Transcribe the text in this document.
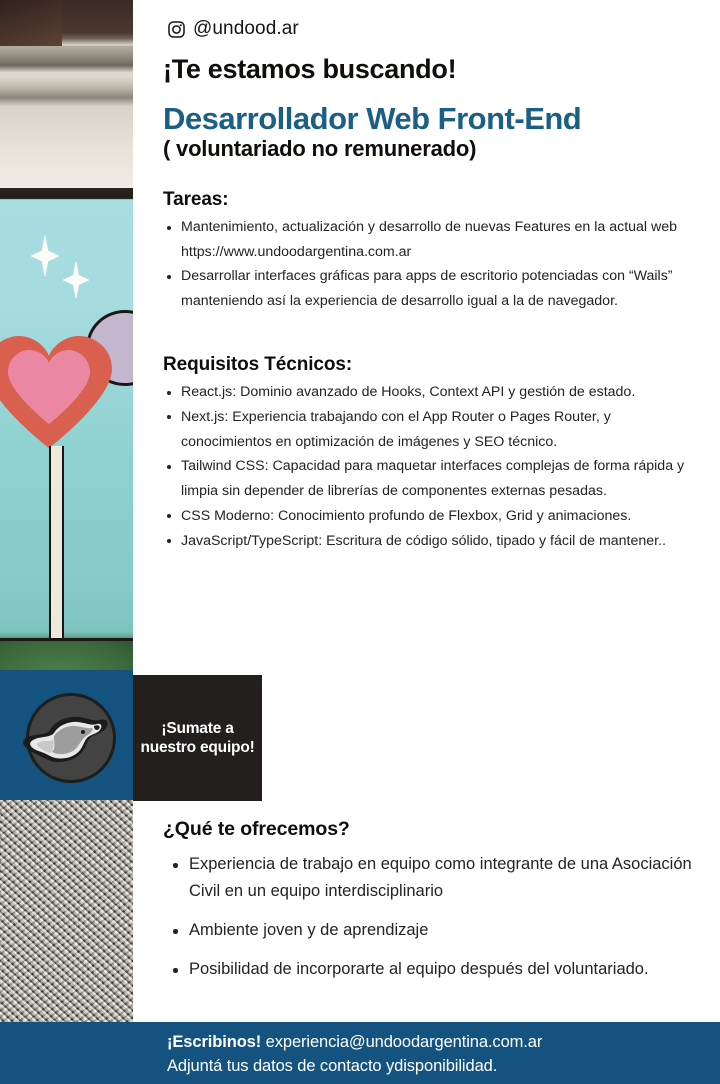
@undood.ar
¡Te estamos buscando!
Desarrollador Web Front-End
( voluntariado no remunerado)
Tareas:
Mantenimiento, actualización y desarrollo de nuevas Features en la actual web https://www.undoodargentina.com.ar
Desarrollar interfaces gráficas para apps de escritorio potenciadas con “Wails” manteniendo así la experiencia de desarrollo igual a la de navegador.
Requisitos Técnicos:
React.js: Dominio avanzado de Hooks, Context API y gestión de estado.
Next.js: Experiencia trabajando con el App Router o Pages Router, y conocimientos en optimización de imágenes y SEO técnico.
Tailwind CSS: Capacidad para maquetar interfaces complejas de forma rápida y limpia sin depender de librerías de componentes externas pesadas.
CSS Moderno: Conocimiento profundo de Flexbox, Grid y animaciones.
JavaScript/TypeScript: Escritura de código sólido, tipado y fácil de mantener..
¡Sumate a nuestro equipo!
¿Qué te ofrecemos?
Experiencia de trabajo en equipo como integrante de una Asociación Civil en un equipo interdisciplinario
Ambiente joven y de aprendizaje
Posibilidad de incorporarte al equipo después del voluntariado.
¡Escribinos! experiencia@undoodargentina.com.ar
Adjuntá tus datos de contacto ydisponibilidad.
